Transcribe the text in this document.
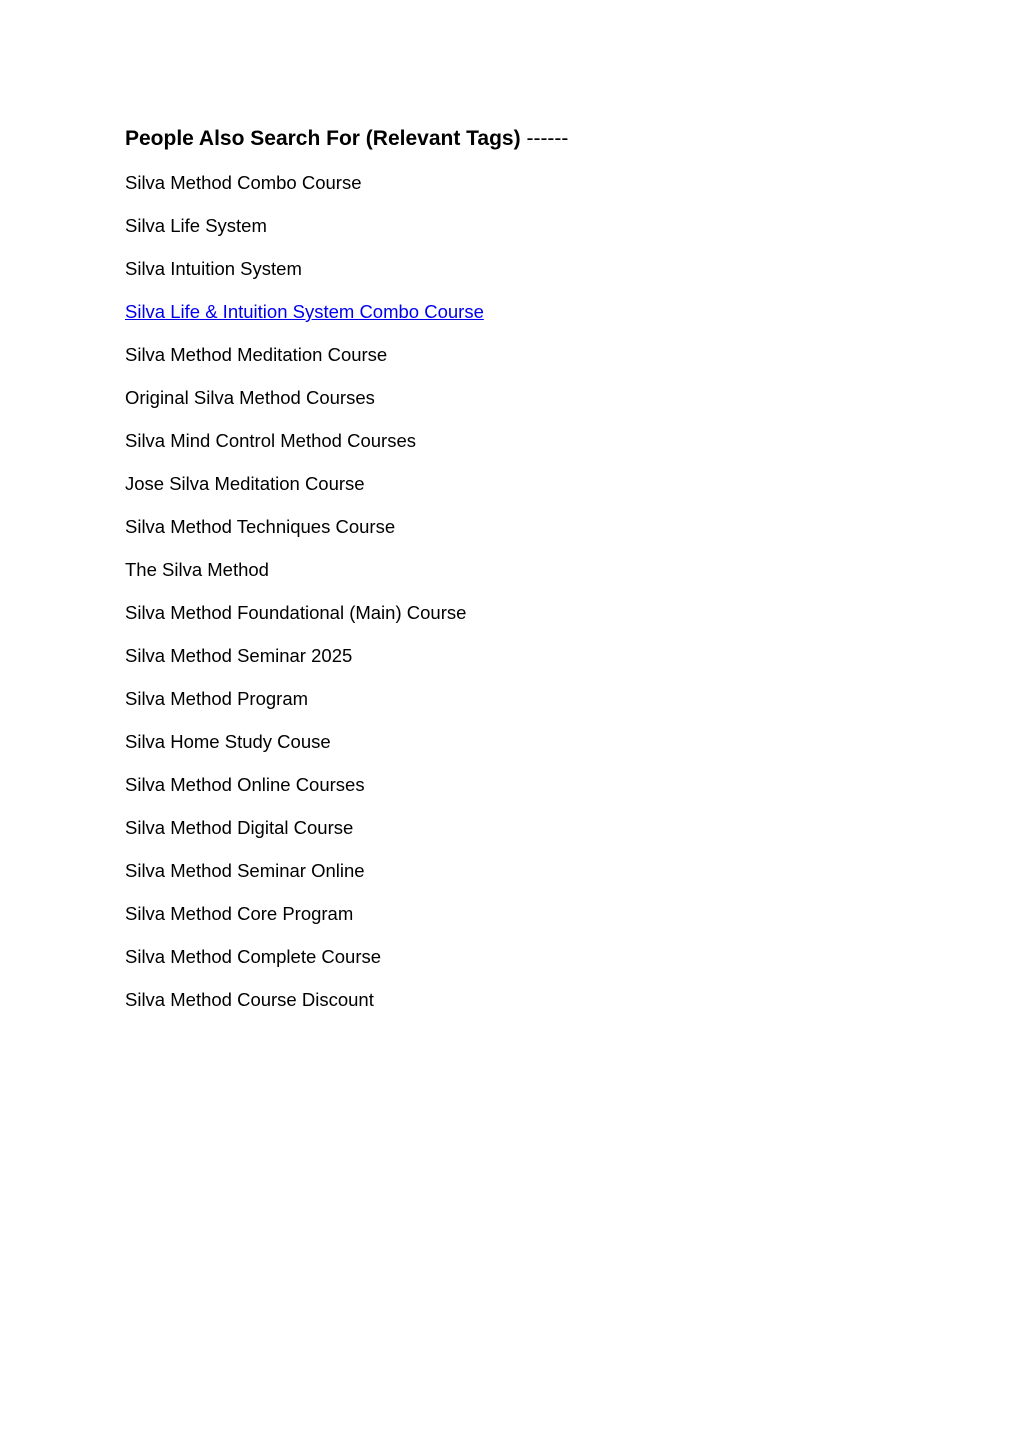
People Also Search For (Relevant Tags) ------
Silva Method Combo Course
Silva Life System
Silva Intuition System
Silva Life & Intuition System Combo Course
Silva Method Meditation Course
Original Silva Method Courses
Silva Mind Control Method Courses
Jose Silva Meditation Course
Silva Method Techniques Course
The Silva Method
Silva Method Foundational (Main) Course
Silva Method Seminar 2025
Silva Method Program
Silva Home Study Couse
Silva Method Online Courses
Silva Method Digital Course
Silva Method Seminar Online
Silva Method Core Program
Silva Method Complete Course
Silva Method Course Discount
